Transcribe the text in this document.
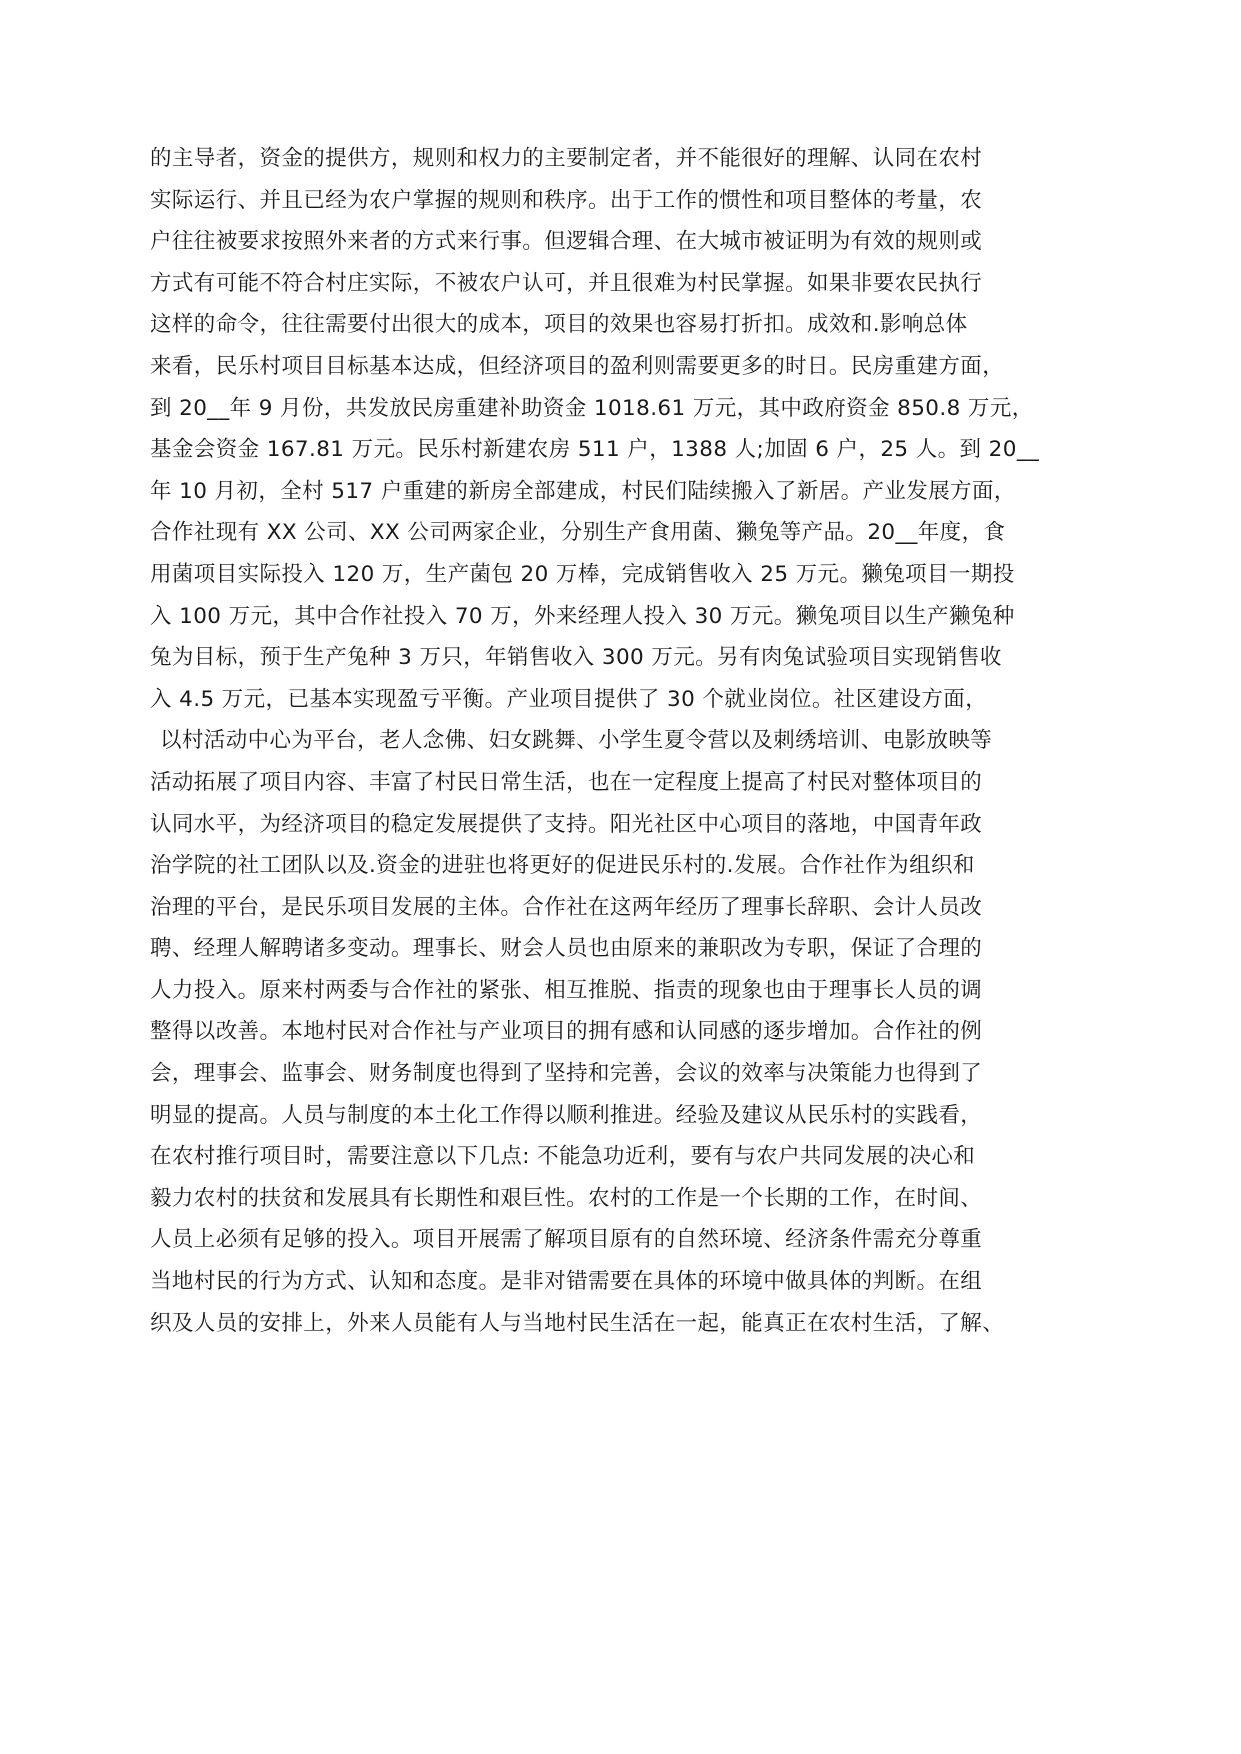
的主导者，资金的提供方，规则和权力的主要制定者，并不能很好的理解、认同在农村
实际运行、并且已经为农户掌握的规则和秩序。出于工作的惯性和项目整体的考量，农
户往往被要求按照外来者的方式来行事。但逻辑合理、在大城市被证明为有效的规则或
方式有可能不符合村庄实际，不被农户认可，并且很难为村民掌握。如果非要农民执行
这样的命令，往往需要付出很大的成本，项目的效果也容易打折扣。成效和.影响总体
来看，民乐村项目目标基本达成，但经济项目的盈利则需要更多的时日。民房重建方面，
到 20__年 9 月份，共发放民房重建补助资金 1018.61 万元，其中政府资金 850.8 万元，
基金会资金 167.81 万元。民乐村新建农房 511 户，1388 人;加固 6 户，25 人。到 20__
年 10 月初，全村 517 户重建的新房全部建成，村民们陆续搬入了新居。产业发展方面，
合作社现有 XX 公司、XX 公司两家企业，分别生产食用菌、獭兔等产品。20__年度，食
用菌项目实际投入 120 万，生产菌包 20 万棒，完成销售收入 25 万元。獭兔项目一期投
入 100 万元，其中合作社投入 70 万，外来经理人投入 30 万元。獭兔项目以生产獭兔种
兔为目标，预于生产兔种 3 万只，年销售收入 300 万元。另有肉兔试验项目实现销售收
入 4.5 万元，已基本实现盈亏平衡。产业项目提供了 30 个就业岗位。社区建设方面，
以村活动中心为平台，老人念佛、妇女跳舞、小学生夏令营以及刺绣培训、电影放映等
活动拓展了项目内容、丰富了村民日常生活，也在一定程度上提高了村民对整体项目的
认同水平，为经济项目的稳定发展提供了支持。阳光社区中心项目的落地，中国青年政
治学院的社工团队以及.资金的进驻也将更好的促进民乐村的.发展。合作社作为组织和
治理的平台，是民乐项目发展的主体。合作社在这两年经历了理事长辞职、会计人员改
聘、经理人解聘诸多变动。理事长、财会人员也由原来的兼职改为专职，保证了合理的
人力投入。原来村两委与合作社的紧张、相互推脱、指责的现象也由于理事长人员的调
整得以改善。本地村民对合作社与产业项目的拥有感和认同感的逐步增加。合作社的例
会，理事会、监事会、财务制度也得到了坚持和完善，会议的效率与决策能力也得到了
明显的提高。人员与制度的本土化工作得以顺利推进。经验及建议从民乐村的实践看，
在农村推行项目时，需要注意以下几点: 不能急功近利，要有与农户共同发展的决心和
毅力农村的扶贫和发展具有长期性和艰巨性。农村的工作是一个长期的工作，在时间、
人员上必须有足够的投入。项目开展需了解项目原有的自然环境、经济条件需充分尊重
当地村民的行为方式、认知和态度。是非对错需要在具体的环境中做具体的判断。在组
织及人员的安排上，外来人员能有人与当地村民生活在一起，能真正在农村生活，了解、
